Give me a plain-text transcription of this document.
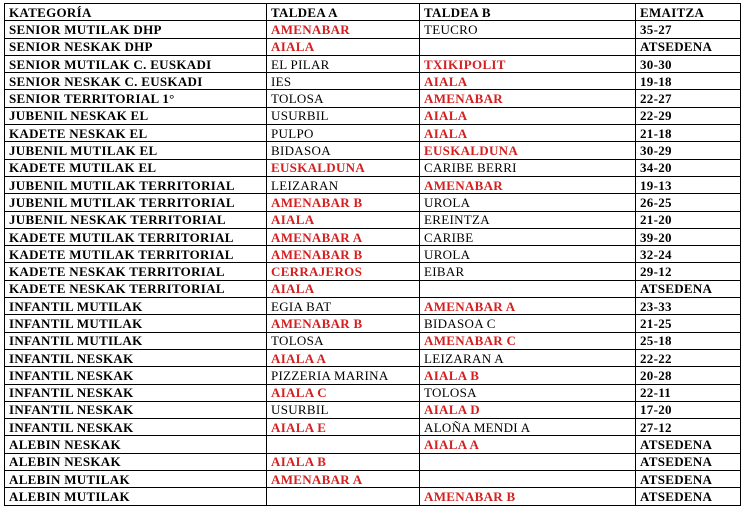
KATEGORÍA	TALDEA A	TALDEA B	EMAITZA
SENIOR MUTILAK DHP	AMENABAR	TEUCRO	35-27
SENIOR NESKAK DHP	AIALA		ATSEDENA
SENIOR MUTILAK C. EUSKADI	EL PILAR	TXIKIPOLIT	30-30
SENIOR NESKAK C. EUSKADI	IES	AIALA	19-18
SENIOR TERRITORIAL 1°	TOLOSA	AMENABAR	22-27
JUBENIL NESKAK EL	USURBIL	AIALA	22-29
KADETE NESKAK EL	PULPO	AIALA	21-18
JUBENIL MUTILAK EL	BIDASOA	EUSKALDUNA	30-29
KADETE MUTILAK EL	EUSKALDUNA	CARIBE BERRI	34-20
JUBENIL MUTILAK TERRITORIAL	LEIZARAN	AMENABAR	19-13
JUBENIL MUTILAK TERRITORIAL	AMENABAR B	UROLA	26-25
JUBENIL NESKAK TERRITORIAL	AIALA	EREINTZA	21-20
KADETE MUTILAK TERRITORIAL	AMENABAR A	CARIBE	39-20
KADETE MUTILAK TERRITORIAL	AMENABAR B	UROLA	32-24
KADETE NESKAK TERRITORIAL	CERRAJEROS	EIBAR	29-12
KADETE NESKAK TERRITORIAL	AIALA		ATSEDENA
INFANTIL MUTILAK	EGIA BAT	AMENABAR A	23-33
INFANTIL MUTILAK	AMENABAR B	BIDASOA C	21-25
INFANTIL MUTILAK	TOLOSA	AMENABAR C	25-18
INFANTIL NESKAK	AIALA A	LEIZARAN A	22-22
INFANTIL NESKAK	PIZZERIA MARINA	AIALA B	20-28
INFANTIL NESKAK	AIALA C	TOLOSA	22-11
INFANTIL NESKAK	USURBIL	AIALA D	17-20
INFANTIL NESKAK	AIALA E	ALOÑA MENDI A	27-12
ALEBIN NESKAK		AIALA A	ATSEDENA
ALEBIN NESKAK	AIALA B		ATSEDENA
ALEBIN MUTILAK	AMENABAR A		ATSEDENA
ALEBIN MUTILAK		AMENABAR B	ATSEDENA
